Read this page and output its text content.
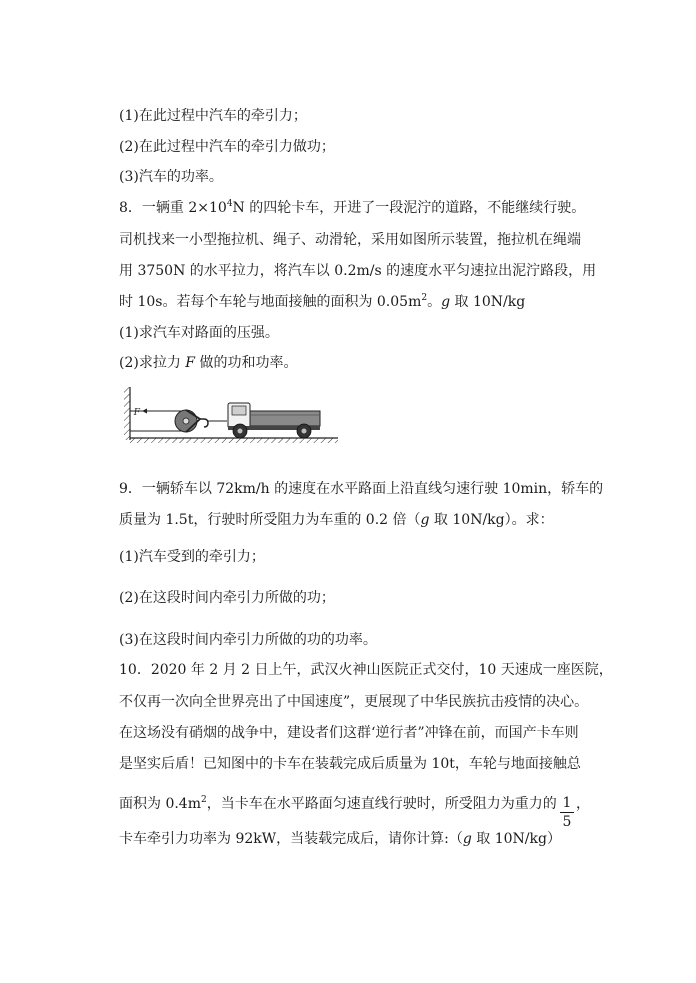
(1)在此过程中汽车的牵引力；
(2)在此过程中汽车的牵引力做功；
(3)汽车的功率。
8．一辆重 $2\times 10^4N$ 的四轮卡车，开进了一段泥泞的道路，不能继续行驶。
司机找来一小型拖拉机、绳子、动滑轮，采用如图所示装置，拖拉机在绳端
用 3750N 的水平拉力，将汽车以 0.2m/s 的速度水平匀速拉出泥泞路段，用
时 10s。若每个车轮与地面接触的面积为 $0.05m^2$。g 取 10N/kg
(1)求汽车对路面的压强。
(2)求拉力 F 做的功和功率。
F
9．一辆轿车以 72km/h 的速度在水平路面上沿直线匀速行驶 10min，轿车的
质量为 1.5t，行驶时所受阻力为车重的 0.2 倍（g 取 10N/kg）。求：
(1)汽车受到的牵引力；
(2)在这段时间内牵引力所做的功；
(3)在这段时间内牵引力所做的功的功率。
10．2020 年 2 月 2 日上午，武汉火神山医院正式交付，10 天速成一座医院，
不仅再一次向全世界亮出了中国速度”，更展现了中华民族抗击疫情的决心。
在这场没有硝烟的战争中，建设者们这群‘逆行者”冲锋在前，而国产卡车则
是坚实后盾！已知图中的卡车在装载完成后质量为 10t，车轮与地面接触总
面积为 $0.4m^2$，当卡车在水平路面匀速直线行驶时，所受阻力为重力的 1
5
，
卡车牵引力功率为 92kW，当装载完成后，请你计算:（g 取 10N/kg）
